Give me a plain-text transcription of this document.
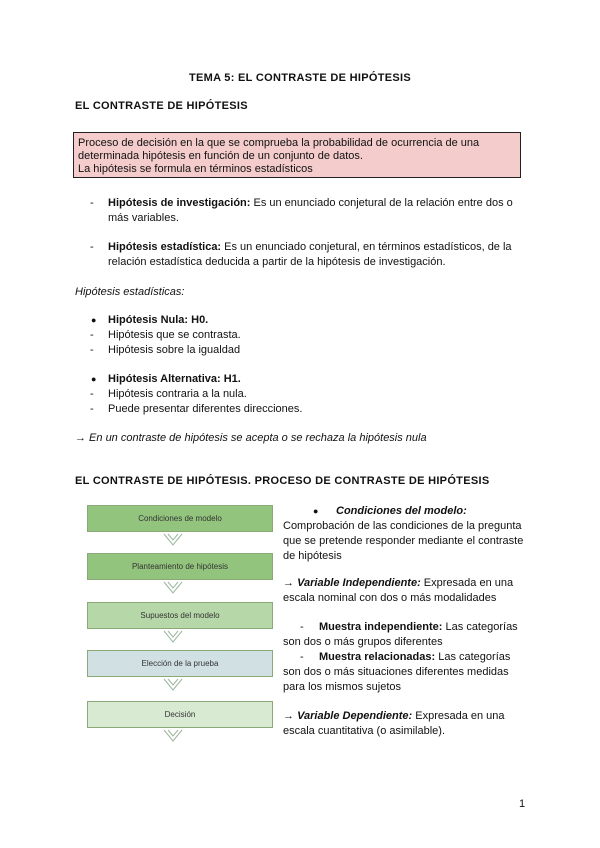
TEMA 5: EL CONTRASTE DE HIPÓTESIS
EL CONTRASTE DE HIPÓTESIS
Proceso de decisión en la que se comprueba la probabilidad de ocurrencia de una
determinada hipótesis en función de un conjunto de datos.
La hipótesis se formula en términos estadísticos
- Hipótesis de investigación: Es un enunciado conjetural de la relación entre dos o
más variables.
- Hipótesis estadística: Es un enunciado conjetural, en términos estadísticos, de la
relación estadística deducida a partir de la hipótesis de investigación.
Hipótesis estadísticas:
● Hipótesis Nula: H0.
- Hipótesis que se contrasta.
- Hipótesis sobre la igualdad
● Hipótesis Alternativa: H1.
- Hipótesis contraria a la nula.
- Puede presentar diferentes direcciones.
→ En un contraste de hipótesis se acepta o se rechaza la hipótesis nula
EL CONTRASTE DE HIPÓTESIS. PROCESO DE CONTRASTE DE HIPÓTESIS
Condiciones de modelo
Planteamiento de hipótesis
Supuestos del modelo
Elección de la prueba
Decisión
● Condiciones del modelo:
Comprobación de las condiciones de la pregunta
que se pretende responder mediante el contraste
de hipótesis
→ Variable Independiente: Expresada en una
escala nominal con dos o más modalidades
-	Muestra independiente: Las categorías
son dos o más grupos diferentes
-	Muestra relacionadas: Las categorías
son dos o más situaciones diferentes medidas
para los mismos sujetos
→ Variable Dependiente: Expresada en una
escala cuantitativa (o asimilable).
1
